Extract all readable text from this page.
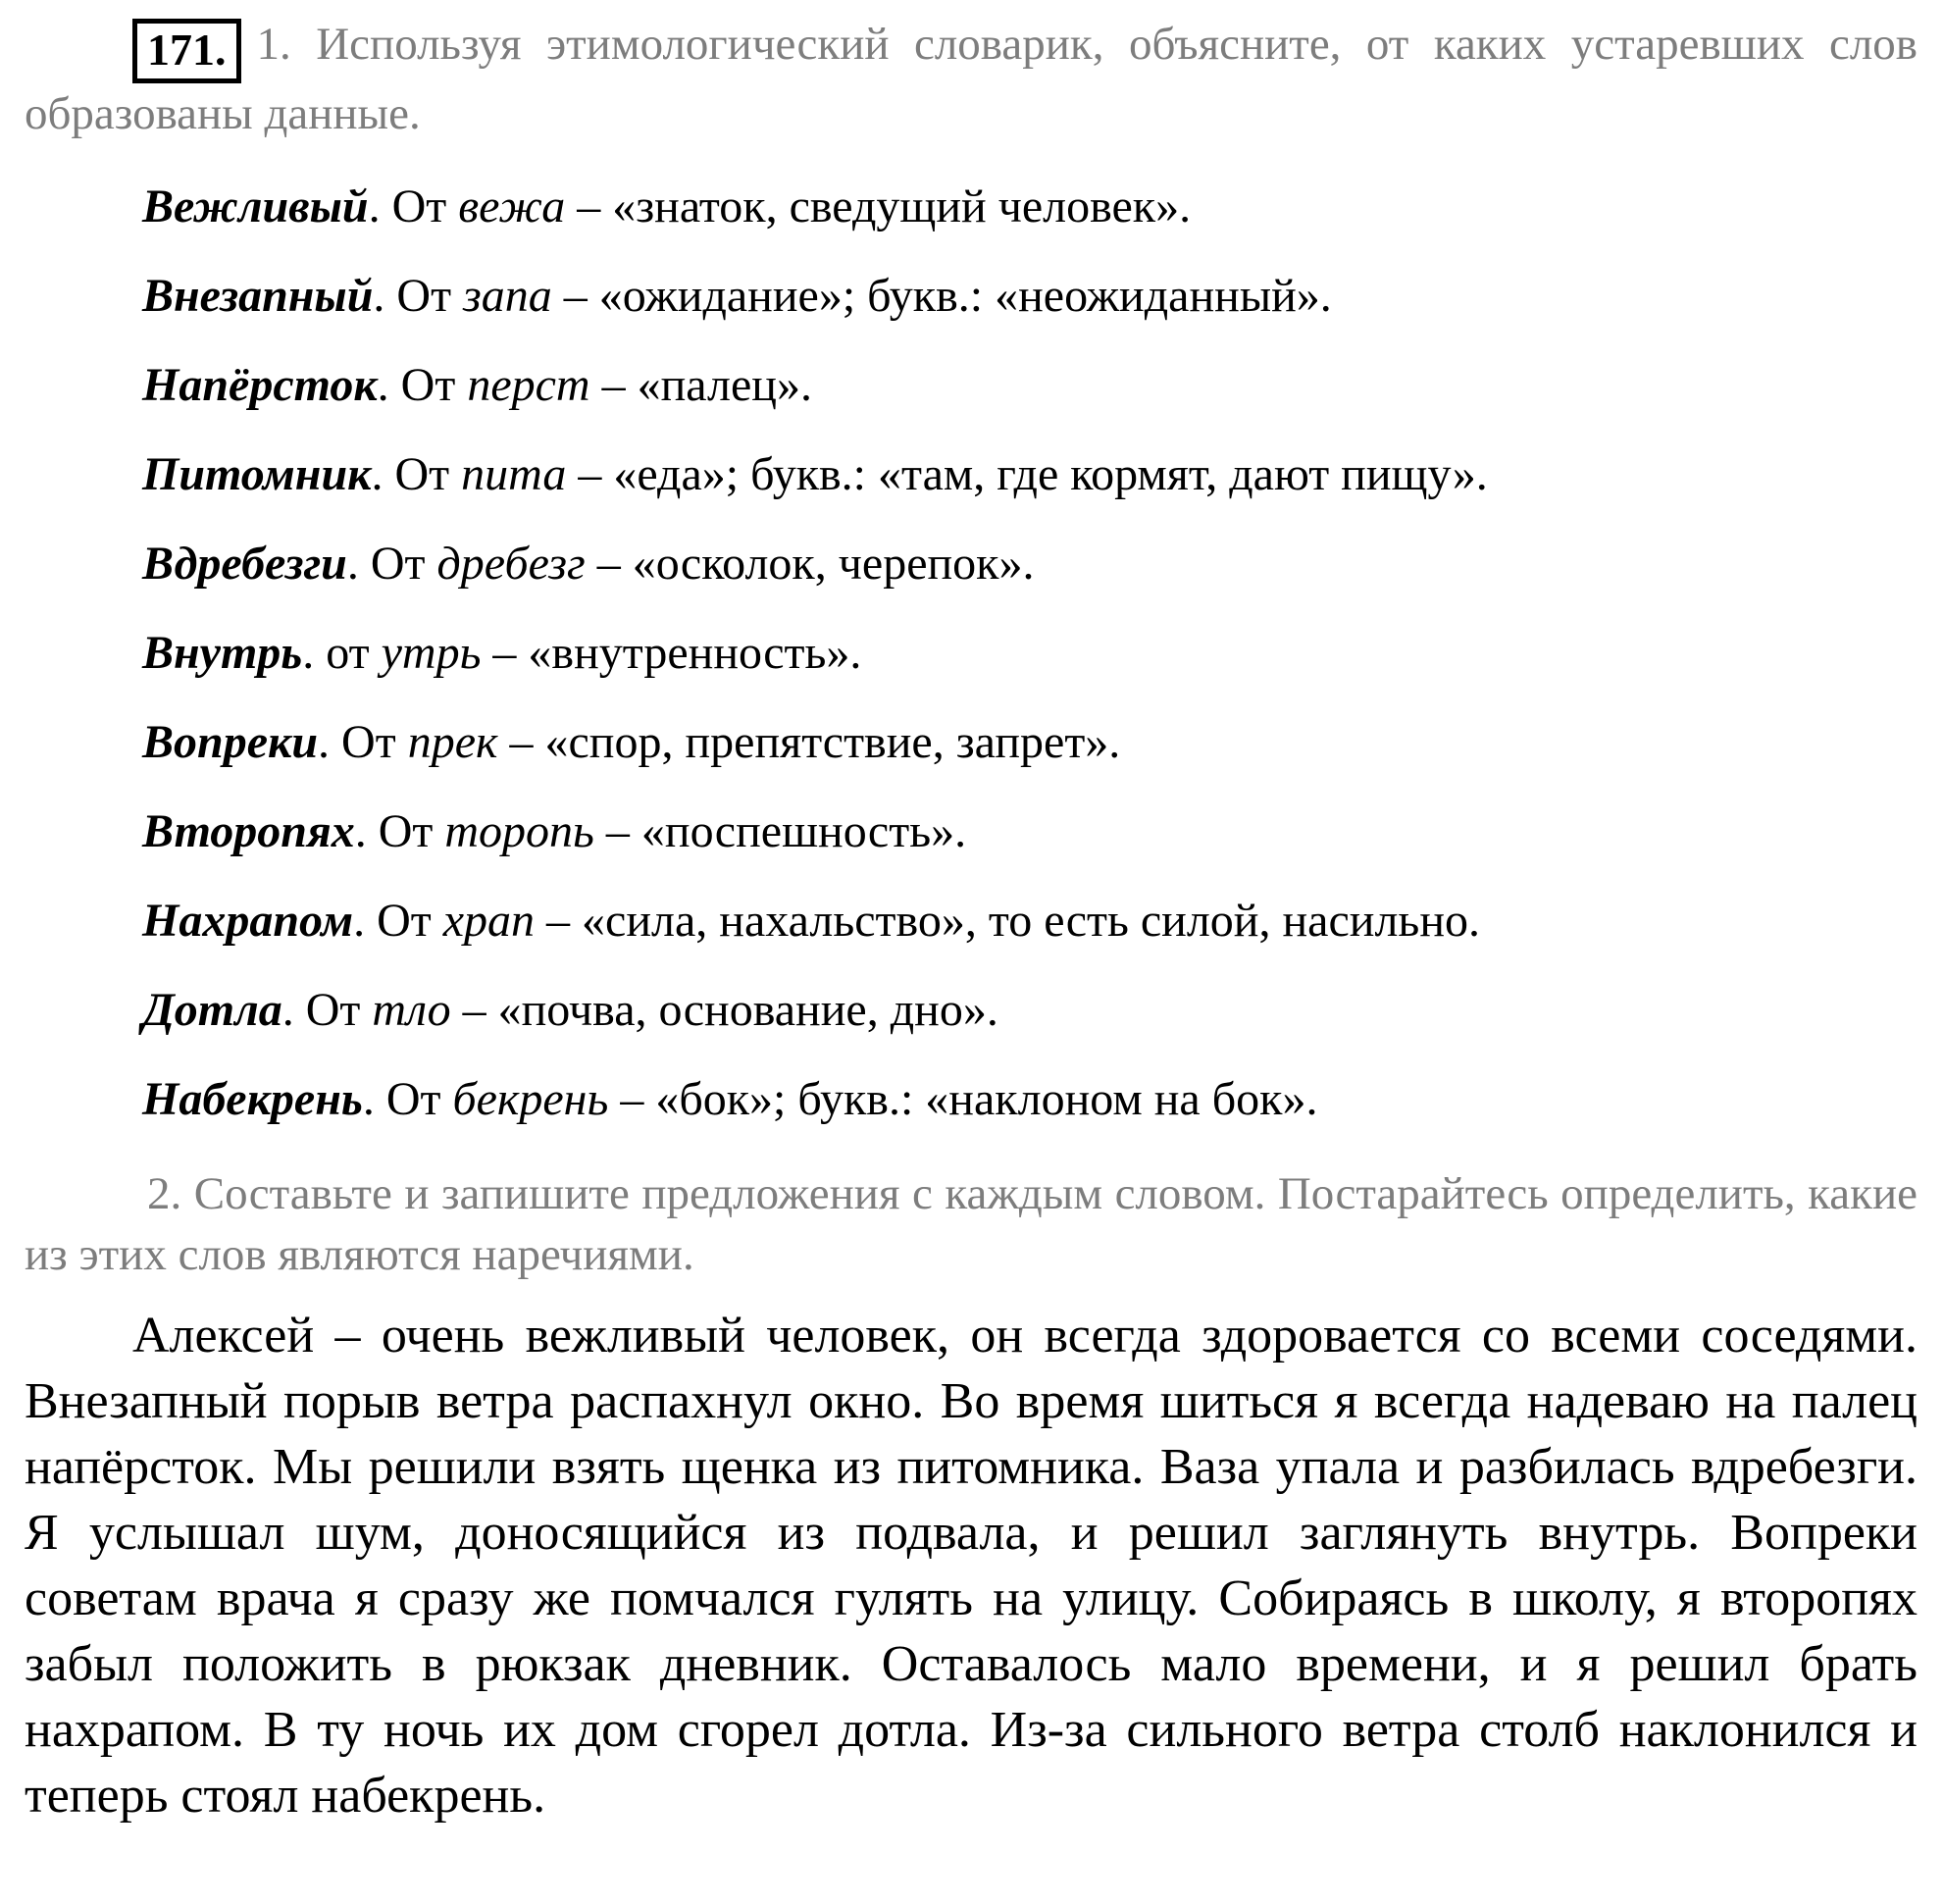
171. 1. Используя этимологический словарик, объясните, от каких устаревших слов образованы данные.

Вежливый. От вежа – «знаток, сведущий человек».

Внезапный. От запа – «ожидание»; букв.: «неожиданный».

Напёрсток. От перст – «палец».

Питомник. От пита – «еда»; букв.: «там, где кормят, дают пищу».

Вдребезги. От дребезг – «осколок, черепок».

Внутрь. от утрь – «внутренность».

Вопреки. От прек – «спор, препятствие, запрет».

Второпях. От торопь – «поспешность».

Нахрапом. От храп – «сила, нахальство», то есть силой, насильно.

Дотла. От тло – «почва, основание, дно».

Набекрень. От бекрень – «бок»; букв.: «наклоном на бок».

2. Составьте и запишите предложения с каждым словом. Постарайтесь определить, какие из этих слов являются наречиями.

Алексей – очень вежливый человек, он всегда здоровается со всеми соседями. Внезапный порыв ветра распахнул окно. Во время шиться я всегда надеваю на палец напёрсток. Мы решили взять щенка из питомника. Ваза упала и разбилась вдребезги. Я услышал шум, доносящийся из подвала, и решил заглянуть внутрь. Вопреки советам врача я сразу же помчался гулять на улицу. Собираясь в школу, я второпях забыл положить в рюкзак дневник. Оставалось мало времени, и я решил брать нахрапом. В ту ночь их дом сгорел дотла. Из-за сильного ветра столб наклонился и теперь стоял набекрень.
